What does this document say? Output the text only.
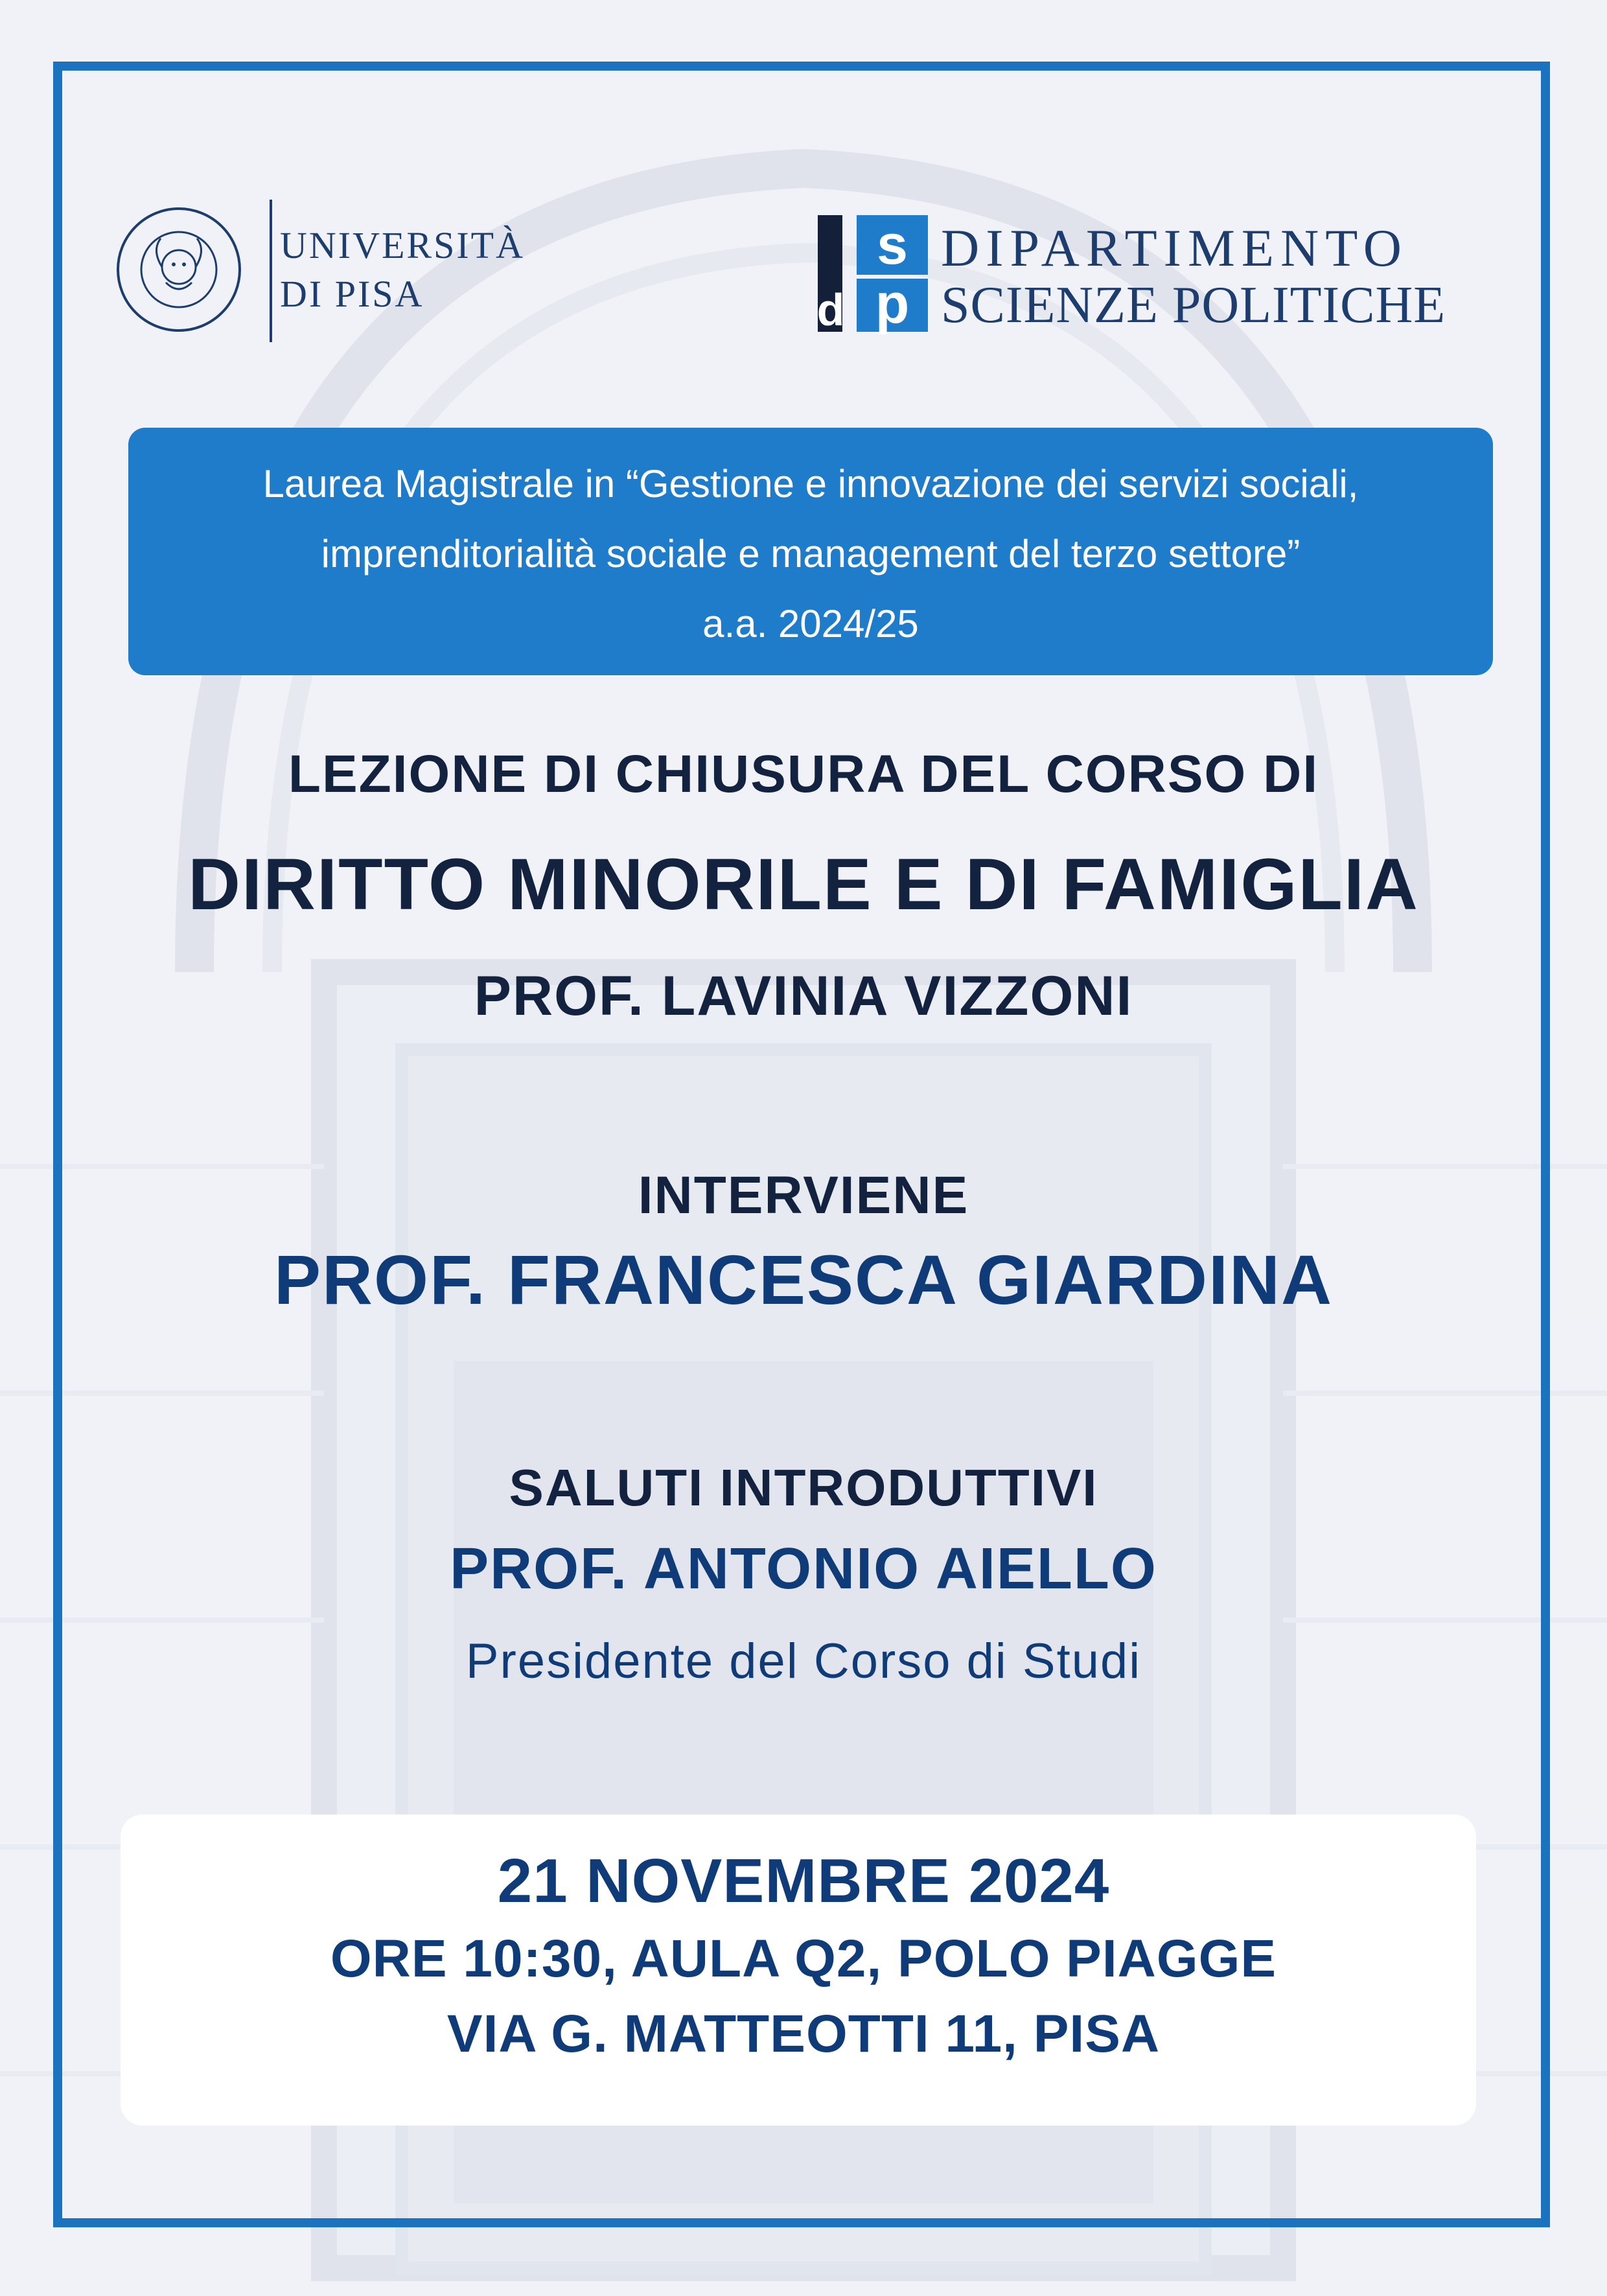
UNIVERSITÀ
DI PISA
s
p
d
DIPARTIMENTO
SCIENZE POLITICHE
Laurea Magistrale in “Gestione e innovazione dei servizi sociali,
imprenditorialità sociale e management del terzo settore”
a.a. 2024/25
LEZIONE DI CHIUSURA DEL CORSO DI
DIRITTO MINORILE E DI FAMIGLIA
PROF. LAVINIA VIZZONI
INTERVIENE
PROF. FRANCESCA GIARDINA
SALUTI INTRODUTTIVI
PROF. ANTONIO AIELLO
Presidente del Corso di Studi
21 NOVEMBRE 2024
ORE 10:30, AULA Q2, POLO PIAGGE
VIA G. MATTEOTTI 11, PISA
